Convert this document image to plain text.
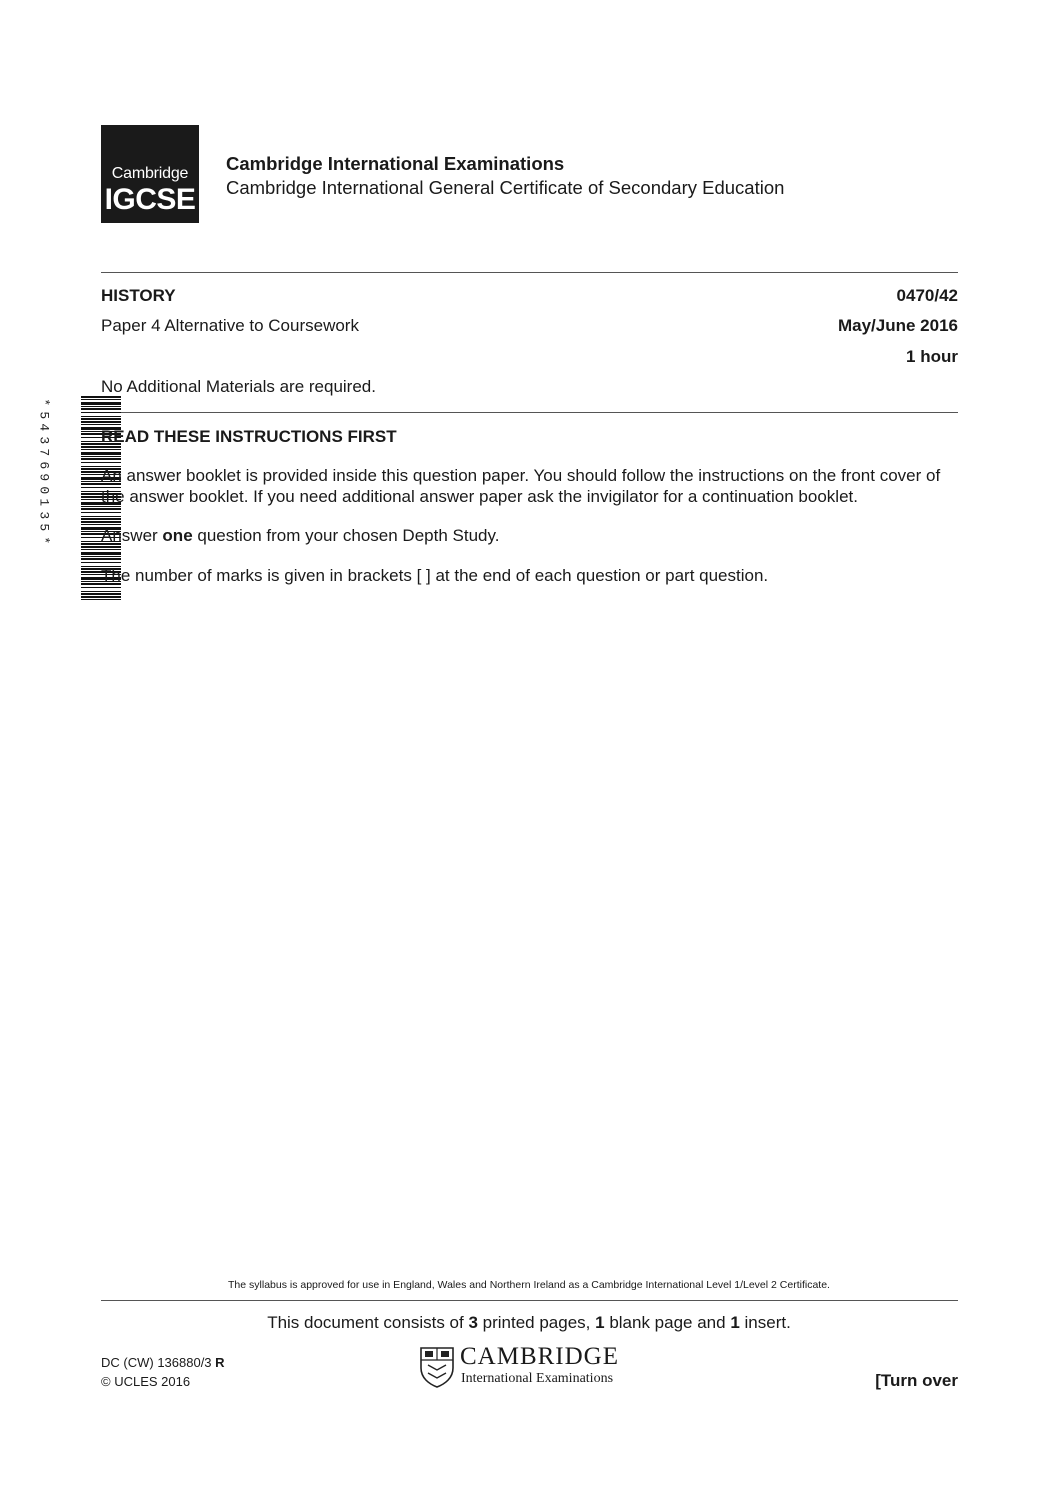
Cambridge
IGCSE
Cambridge International Examinations
Cambridge International General Certificate of Secondary Education
HISTORY	0470/42
Paper 4 Alternative to Coursework	May/June 2016
1 hour
No Additional Materials are required.
*
5
4
3
7
6
9
0
1
3
5
*
READ THESE INSTRUCTIONS FIRST
An answer booklet is provided inside this question paper. You should follow the instructions on the front cover of the answer booklet. If you need additional answer paper ask the invigilator for a continuation booklet.
Answer one question from your chosen Depth Study.
The number of marks is given in brackets [ ] at the end of each question or part question.
The syllabus is approved for use in England, Wales and Northern Ireland as a Cambridge International Level 1/Level 2 Certificate.
This document consists of 3 printed pages, 1 blank page and 1 insert.
DC (CW) 136880/3 R
© UCLES 2016
CAMBRIDGE
International Examinations	[Turn over
